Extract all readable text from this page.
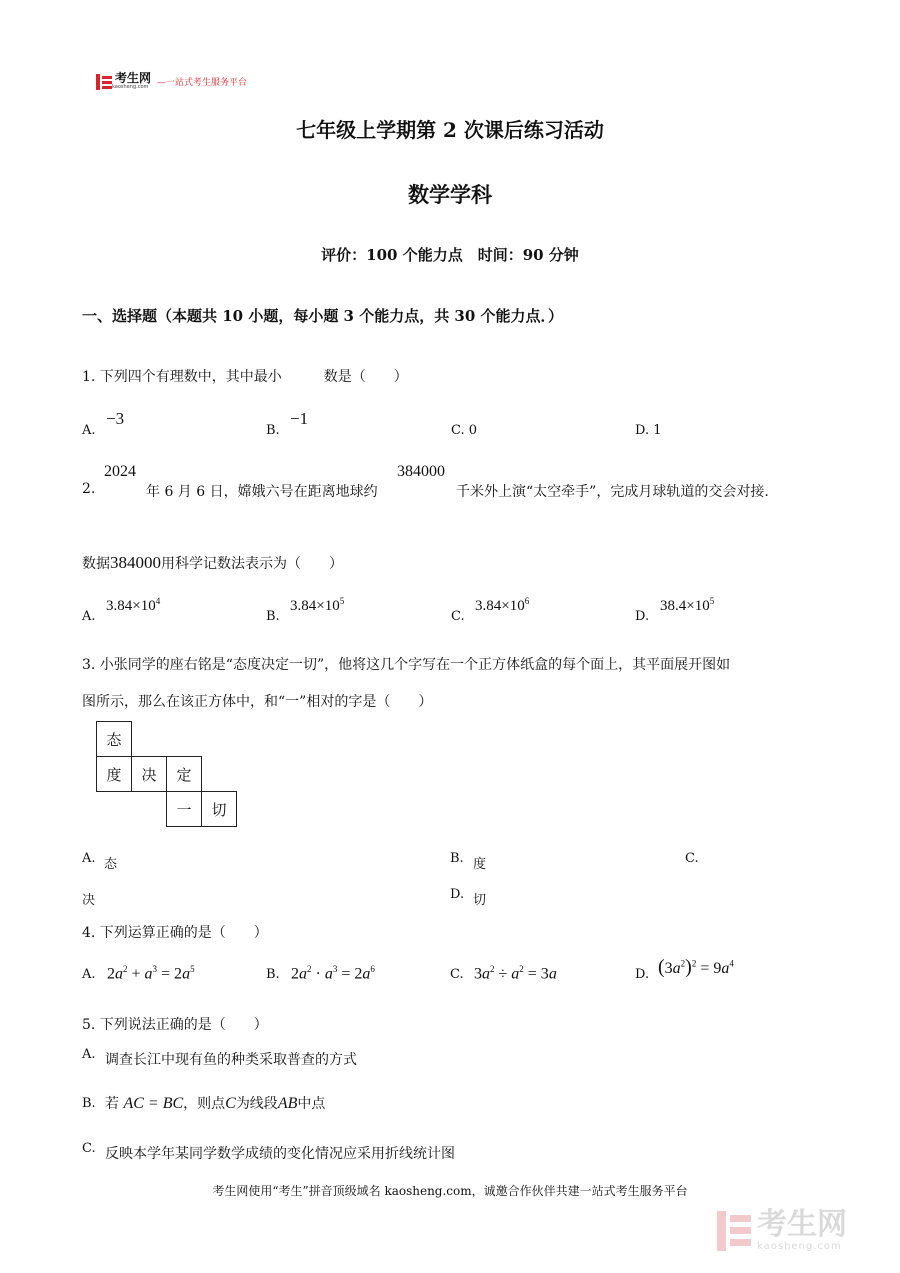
考生网
kaosheng.com —一站式考生服务平台
七年级上学期第 2 次课后练习活动
数学学科
评价：100 个能力点　时间：90 分钟
一、选择题（本题共 10 小题，每小题 3 个能力点，共 30 个能力点．）
1. 下列四个有理数中，其中最小　　　数是（　　）
A.
−3
B.
−1
C. 0	D. 1
2.
2024
年 6 月 6 日，嫦娥六号在距离地球约
384000
千米外上演“太空牵手”，完成月球轨道的交会对接.
数据384000用科学记数法表示为（　　）
A.
$3.84\times 10^4$
B.
$3.84\times 10^5$
C.
$3.84\times 10^6$
D.
$38.4\times 10^5$
3. 小张同学的座右铭是“态度决定一切”，他将这几个字写在一个正方体纸盒的每个面上，其平面展开图如
图所示，那么在该正方体中，和“一”相对的字是（　　）
态			
度	决	定	
		一	切
A. 态	B. 度	C.
决	D. 切
4. 下列运算正确的是（　　）
A. $2a^2 + a^3 = 2a^5$	B. $2a^2 \cdot a^3 = 2a^6$	C. $3a^2 \div a^2 = 3a$	D. $(3a^2)^2 = 9a^4$
5. 下列说法正确的是（　　）
A. 调查长江中现有鱼的种类采取普查的方式
B. 若 AC = BC，则点C为线段AB中点
C. 反映本学年某同学数学成绩的变化情况应采用折线统计图
考生网使用“考生”拼音顶级域名 kaosheng.com，诚邀合作伙伴共建一站式考生服务平台
考生网
kaosheng.com
